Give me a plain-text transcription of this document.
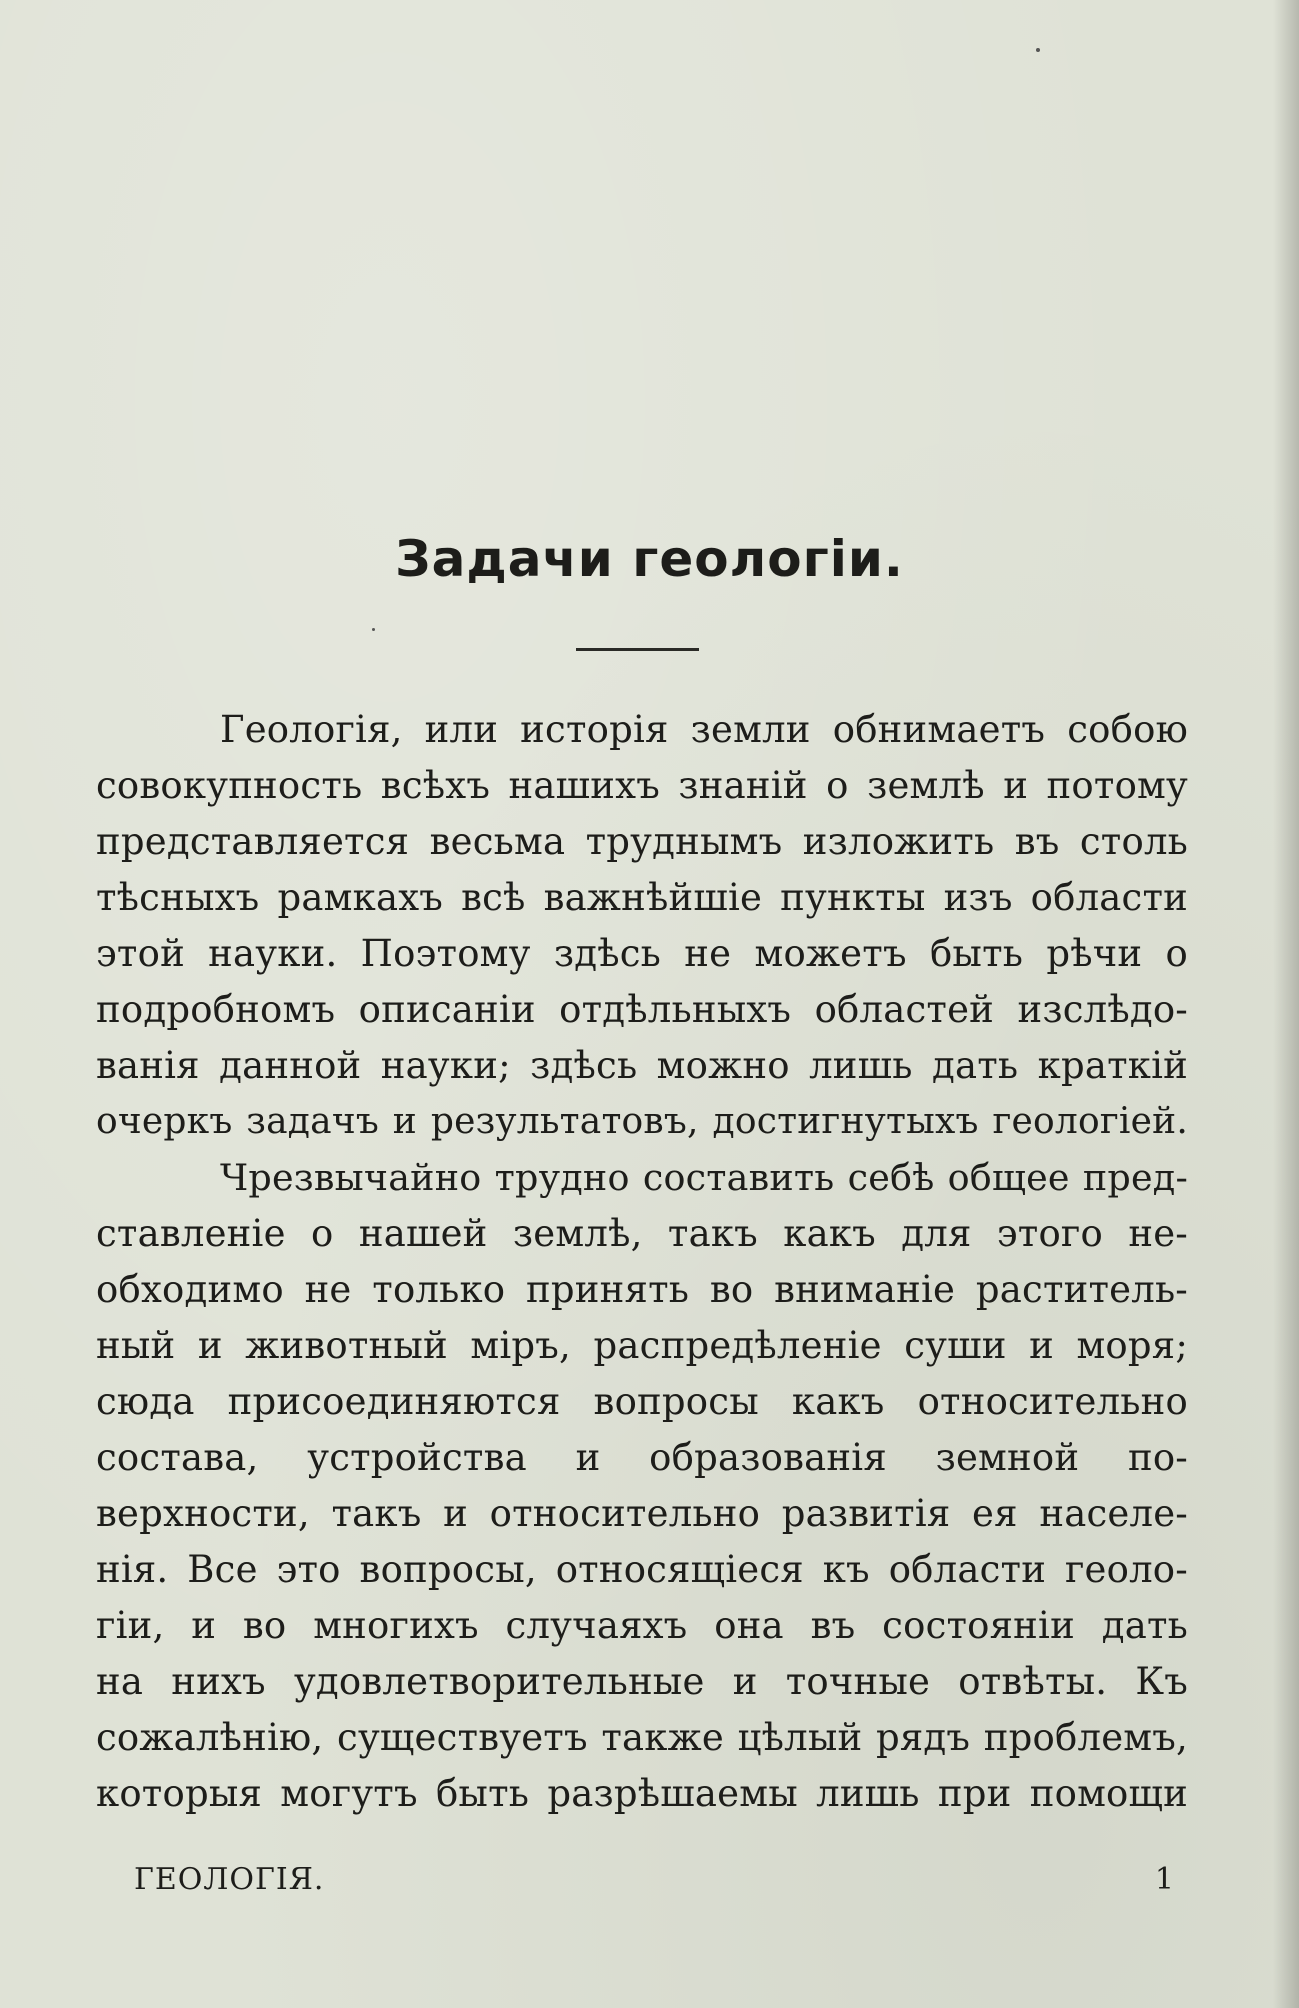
Задачи геологіи.
Геологія, или исторія земли обнимаетъ собою
совокупность всѣхъ нашихъ знаній о землѣ и потому
представляется весьма труднымъ изложить въ столь
тѣсныхъ рамкахъ всѣ важнѣйшіе пункты изъ области
этой науки. Поэтому здѣсь не можетъ быть рѣчи о
подробномъ описаніи отдѣльныхъ областей изслѣдо-
ванія данной науки; здѣсь можно лишь дать краткій
очеркъ задачъ и результатовъ, достигнутыхъ геологіей.
Чрезвычайно трудно составить себѣ общее пред-
ставленіе о нашей землѣ, такъ какъ для этого не-
обходимо не только принять во вниманіе раститель-
ный и животный міръ, распредѣленіе суши и моря;
сюда присоединяются вопросы какъ относительно
состава, устройства и образованія земной по-
верхности, такъ и относительно развитія ея населе-
нія. Все это вопросы, относящіеся къ области геоло-
гіи, и во многихъ случаяхъ она въ состояніи дать
на нихъ удовлетворительные и точные отвѣты. Къ
сожалѣнію, существуетъ также цѣлый рядъ проблемъ,
которыя могутъ быть разрѣшаемы лишь при помощи
ГЕОЛОГІЯ.	1
